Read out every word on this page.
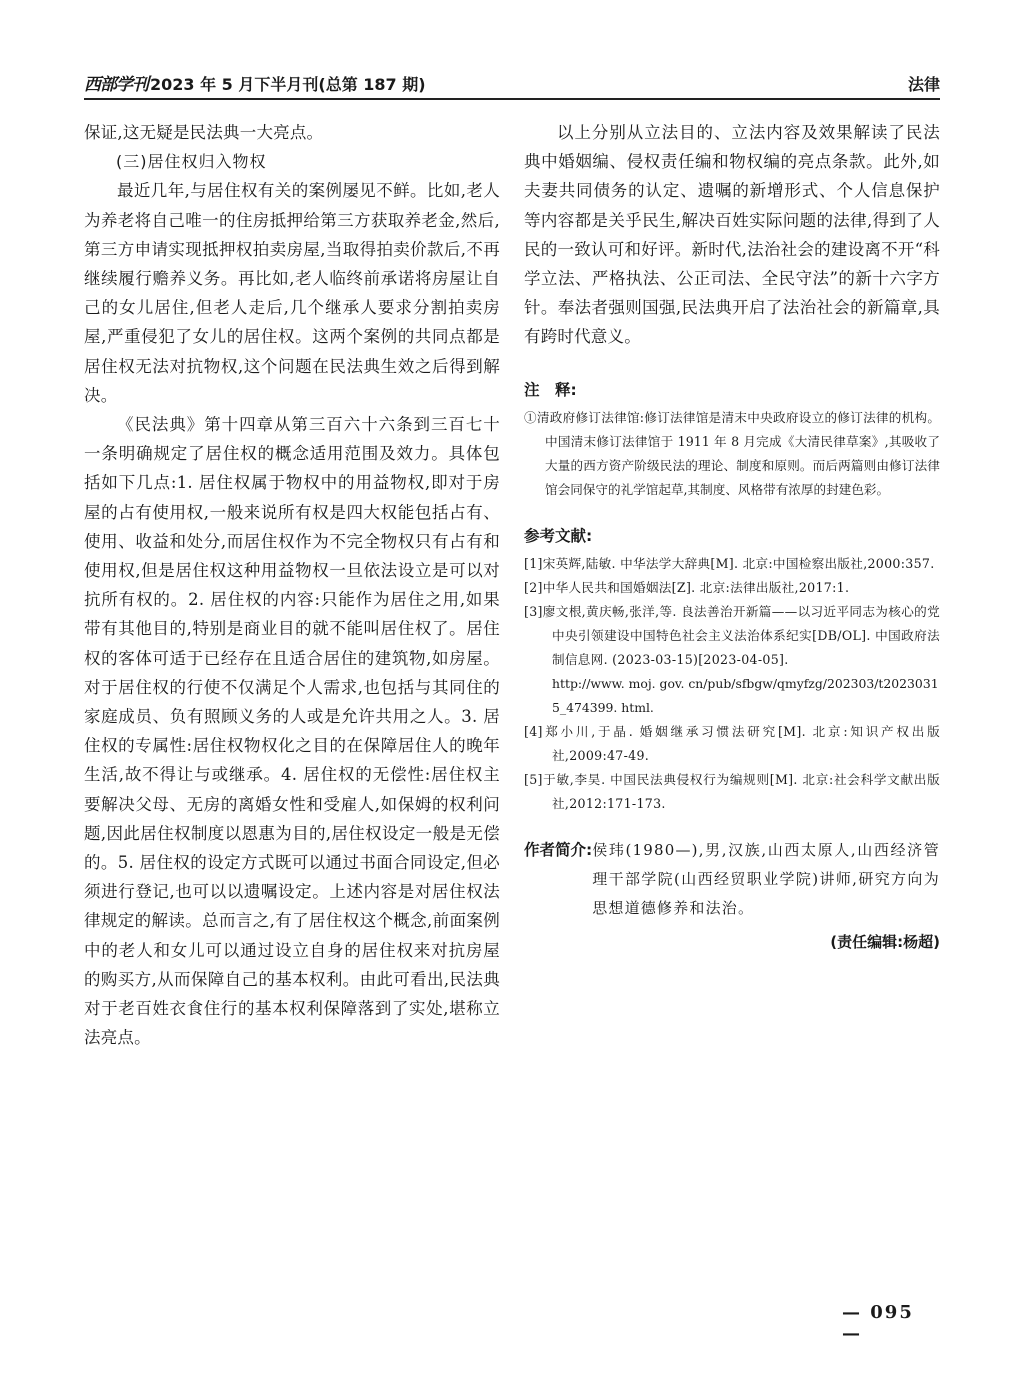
西部学刊 2023 年 5 月下半月刊(总第 187 期)	法律

保证,这无疑是民法典一大亮点。

(三)居住权归入物权

最近几年,与居住权有关的案例屡见不鲜。比如,老人为养老将自己唯一的住房抵押给第三方获取养老金,然后,第三方申请实现抵押权拍卖房屋,当取得拍卖价款后,不再继续履行赡养义务。再比如,老人临终前承诺将房屋让自己的女儿居住,但老人走后,几个继承人要求分割拍卖房屋,严重侵犯了女儿的居住权。这两个案例的共同点都是居住权无法对抗物权,这个问题在民法典生效之后得到解决。

《民法典》第十四章从第三百六十六条到三百七十一条明确规定了居住权的概念适用范围及效力。具体包括如下几点:1. 居住权属于物权中的用益物权,即对于房屋的占有使用权,一般来说所有权是四大权能包括占有、使用、收益和处分,而居住权作为不完全物权只有占有和使用权,但是居住权这种用益物权一旦依法设立是可以对抗所有权的。2. 居住权的内容:只能作为居住之用,如果带有其他目的,特别是商业目的就不能叫居住权了。居住权的客体可适于已经存在且适合居住的建筑物,如房屋。对于居住权的行使不仅满足个人需求,也包括与其同住的家庭成员、负有照顾义务的人或是允许共用之人。3. 居住权的专属性:居住权物权化之目的在保障居住人的晚年生活,故不得让与或继承。4. 居住权的无偿性:居住权主要解决父母、无房的离婚女性和受雇人,如保姆的权利问题,因此居住权制度以恩惠为目的,居住权设定一般是无偿的。5. 居住权的设定方式既可以通过书面合同设定,但必须进行登记,也可以以遗嘱设定。上述内容是对居住权法律规定的解读。总而言之,有了居住权这个概念,前面案例中的老人和女儿可以通过设立自身的居住权来对抗房屋的购买方,从而保障自己的基本权利。由此可看出,民法典对于老百姓衣食住行的基本权利保障落到了实处,堪称立法亮点。

以上分别从立法目的、立法内容及效果解读了民法典中婚姻编、侵权责任编和物权编的亮点条款。此外,如夫妻共同债务的认定、遗嘱的新增形式、个人信息保护等内容都是关乎民生,解决百姓实际问题的法律,得到了人民的一致认可和好评。新时代,法治社会的建设离不开“科学立法、严格执法、公正司法、全民守法”的新十六字方针。奉法者强则国强,民法典开启了法治社会的新篇章,具有跨时代意义。

注　释:

①清政府修订法律馆:修订法律馆是清末中央政府设立的修订法律的机构。中国清末修订法律馆于 1911 年 8 月完成《大清民律草案》,其吸收了大量的西方资产阶级民法的理论、制度和原则。而后两篇则由修订法律馆会同保守的礼学馆起草,其制度、风格带有浓厚的封建色彩。

参考文献:

[1]宋英辉,陆敏. 中华法学大辞典[M]. 北京:中国检察出版社,2000:357.

[2]中华人民共和国婚姻法[Z]. 北京:法律出版社,2017:1.

[3]廖文根,黄庆畅,张洋,等. 良法善治开新篇——以习近平同志为核心的党中央引领建设中国特色社会主义法治体系纪实[DB/OL]. 中国政府法制信息网. (2023-03-15)[2023-04-05].

http://www. moj. gov. cn/pub/sfbgw/qmyfzg/202303/t20230315_474399. html.

[4]郑小川,于晶. 婚姻继承习惯法研究[M]. 北京:知识产权出版社,2009:47-49.

[5]于敏,李昊. 中国民法典侵权行为编规则[M]. 北京:社会科学文献出版社,2012:171-173.

作者简介: 侯玮(1980—),男,汉族,山西太原人,山西经济管理干部学院(山西经贸职业学院)讲师,研究方向为思想道德修养和法治。
(责任编辑:杨超)
— 095 —
